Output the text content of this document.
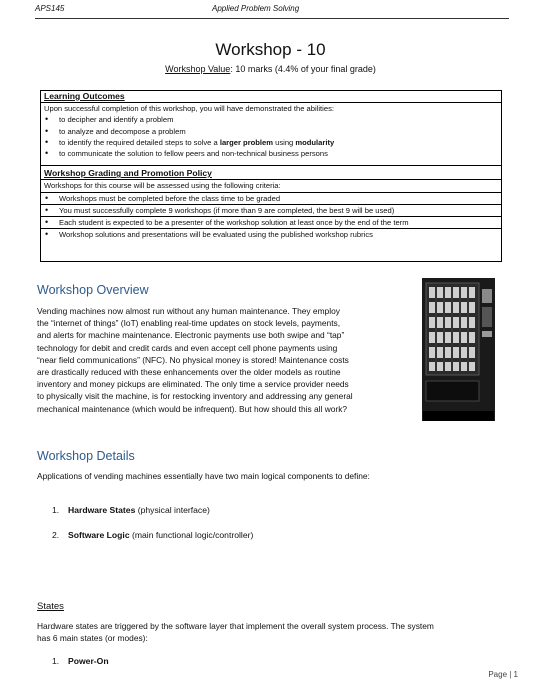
APS145	Applied Problem Solving
Workshop - 10
Workshop Value: 10 marks (4.4% of your final grade)
Learning Outcomes
Upon successful completion of this workshop, you will have demonstrated the abilities:
• to decipher and identify a problem
• to analyze and decompose a problem
• to identify the required detailed steps to solve a larger problem using modularity
• to communicate the solution to fellow peers and non-technical business persons
Workshop Grading and Promotion Policy
Workshops for this course will be assessed using the following criteria:
• Workshops must be completed before the class time to be graded
• You must successfully complete 9 workshops (if more than 9 are completed, the best 9 will be used)
• Each student is expected to be a presenter of the workshop solution at least once by the end of the term
• Workshop solutions and presentations will be evaluated using the published workshop rubrics
Workshop Overview
Vending machines now almost run without any human maintenance. They employ
the “internet of things” (IoT) enabling real-time updates on stock levels, payments,
and alerts for machine maintenance. Electronic payments use both swipe and “tap”
technology for debit and credit cards and even accept cell phone payments using
“near field communications” (NFC). No physical money is stored! Maintenance costs
are drastically reduced with these enhancements over the older models as routine
inventory and money pickups are eliminated. The only time a service provider needs
to physically visit the machine, is for restocking inventory and addressing any general
mechanical maintenance (which would be infrequent). But how should this all work?
Workshop Details
Applications of vending machines essentially have two main logical components to define:
1. Hardware States (physical interface)
2. Software Logic (main functional logic/controller)
States
Hardware states are triggered by the software layer that implement the overall system process. The system
has 6 main states (or modes):
1. Power-On
Page | 1
